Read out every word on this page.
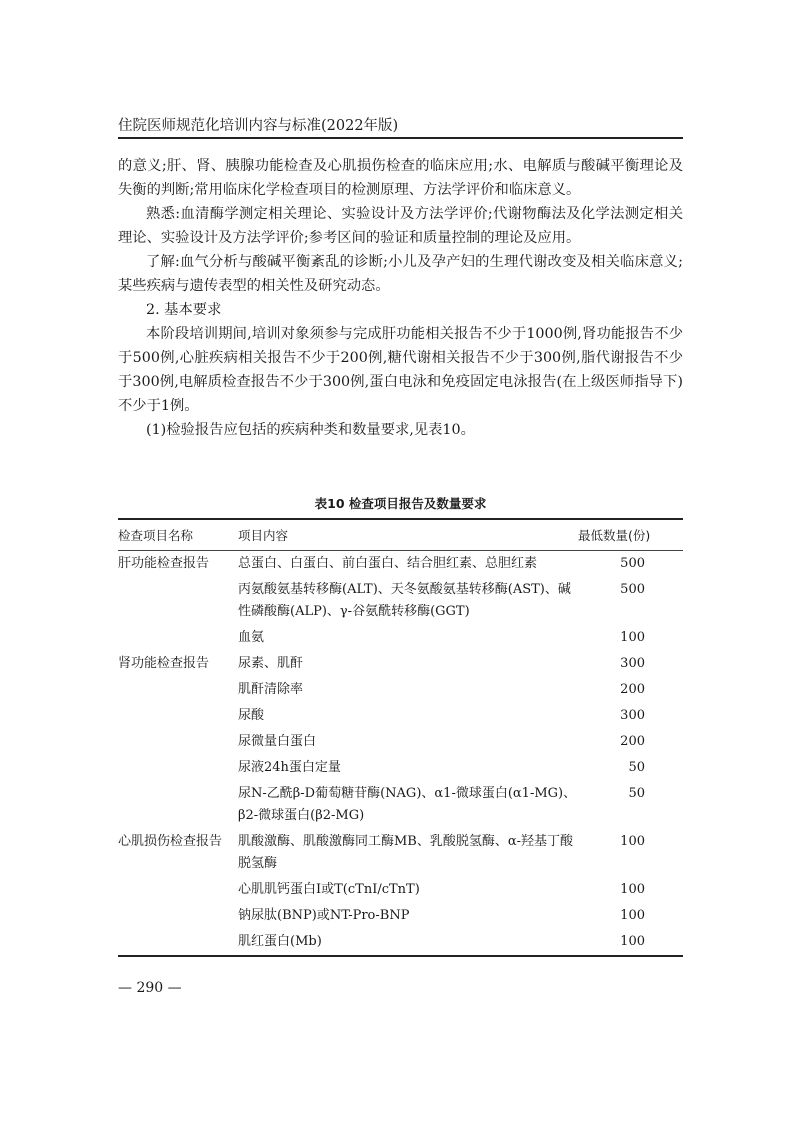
住院医师规范化培训内容与标准(2022年版)

的意义;肝、肾、胰腺功能检查及心肌损伤检查的临床应用;水、电解质与酸碱平衡理论及失衡的判断;常用临床化学检查项目的检测原理、方法学评价和临床意义。

熟悉:血清酶学测定相关理论、实验设计及方法学评价;代谢物酶法及化学法测定相关理论、实验设计及方法学评价;参考区间的验证和质量控制的理论及应用。

了解:血气分析与酸碱平衡紊乱的诊断;小儿及孕产妇的生理代谢改变及相关临床意义;某些疾病与遗传表型的相关性及研究动态。

2. 基本要求

本阶段培训期间,培训对象须参与完成肝功能相关报告不少于1000例,肾功能报告不少于500例,心脏疾病相关报告不少于200例,糖代谢相关报告不少于300例,脂代谢报告不少于300例,电解质检查报告不少于300例,蛋白电泳和免疫固定电泳报告(在上级医师指导下)不少于1例。

(1)检验报告应包括的疾病种类和数量要求,见表10。

表10 检查项目报告及数量要求
检查项目名称	项目内容	最低数量(份)
肝功能检查报告	总蛋白、白蛋白、前白蛋白、结合胆红素、总胆红素	500
	丙氨酸氨基转移酶(ALT)、天冬氨酸氨基转移酶(AST)、碱性磷酸酶(ALP)、γ-谷氨酰转移酶(GGT)	500
	血氨	100
肾功能检查报告	尿素、肌酐	300
	肌酐清除率	200
	尿酸	300
	尿微量白蛋白	200
	尿液24h蛋白定量	50
	尿N-乙酰β-D葡萄糖苷酶(NAG)、α1-微球蛋白(α1-MG)、β2-微球蛋白(β2-MG)	50
心肌损伤检查报告	肌酸激酶、肌酸激酶同工酶MB、乳酸脱氢酶、α-羟基丁酸脱氢酶	100
	心肌肌钙蛋白Ⅰ或T(cTnI/cTnT)	100
	钠尿肽(BNP)或NT-Pro-BNP	100
	肌红蛋白(Mb)	100
— 290 —
